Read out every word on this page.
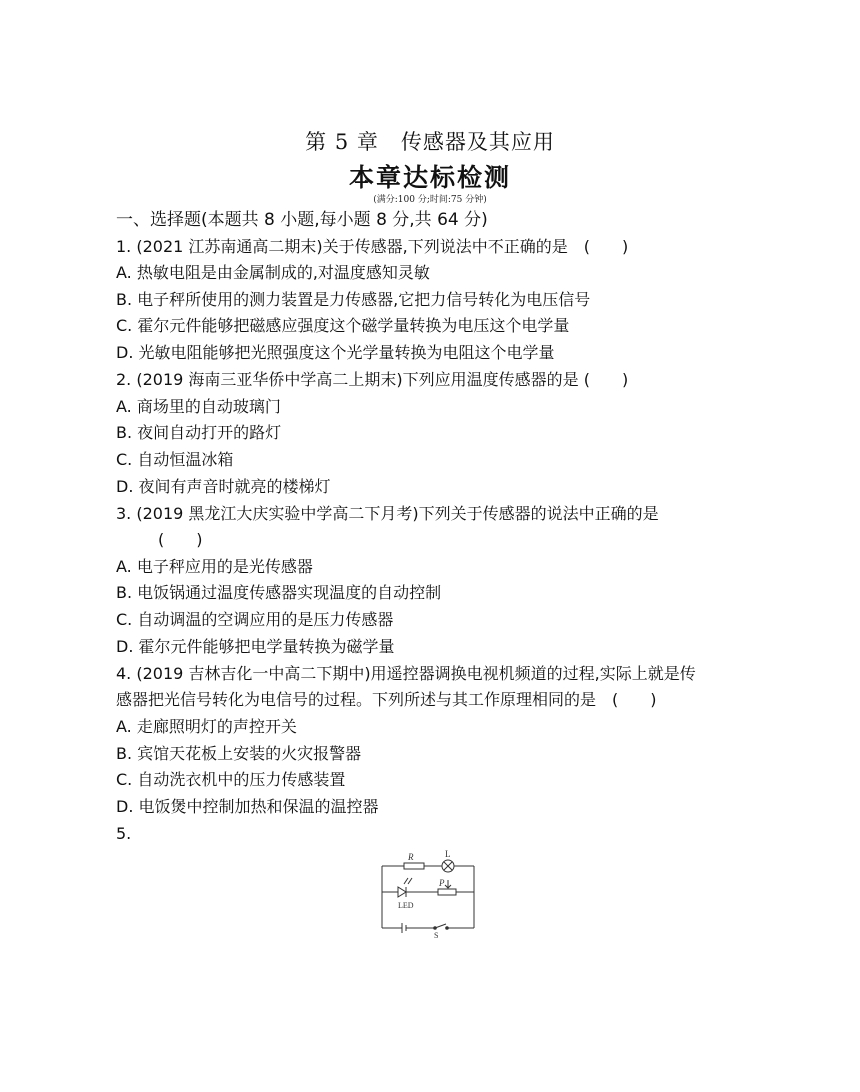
第 5 章　传感器及其应用
本章达标检测
(满分:100 分;时间:75 分钟)
一、选择题(本题共 8 小题,每小题 8 分,共 64 分)
1. (2021 江苏南通高二期末)关于传感器,下列说法中不正确的是　(　　)
A. 热敏电阻是由金属制成的,对温度感知灵敏
B. 电子秤所使用的测力装置是力传感器,它把力信号转化为电压信号
C. 霍尔元件能够把磁感应强度这个磁学量转换为电压这个电学量
D. 光敏电阻能够把光照强度这个光学量转换为电阻这个电学量
2. (2019 海南三亚华侨中学高二上期末)下列应用温度传感器的是 (　　)
A. 商场里的自动玻璃门
B. 夜间自动打开的路灯
C. 自动恒温冰箱
D. 夜间有声音时就亮的楼梯灯
3. (2019 黑龙江大庆实验中学高二下月考)下列关于传感器的说法中正确的是
(　　)
A. 电子秤应用的是光传感器
B. 电饭锅通过温度传感器实现温度的自动控制
C. 自动调温的空调应用的是压力传感器
D. 霍尔元件能够把电学量转换为磁学量
4. (2019 吉林吉化一中高二下期中)用遥控器调换电视机频道的过程,实际上就是传
感器把光信号转化为电信号的过程。下列所述与其工作原理相同的是　(　　)
A. 走廊照明灯的声控开关
B. 宾馆天花板上安装的火灾报警器
C. 自动洗衣机中的压力传感装置
D. 电饭煲中控制加热和保温的温控器
5.
R	L
P
LED
S
